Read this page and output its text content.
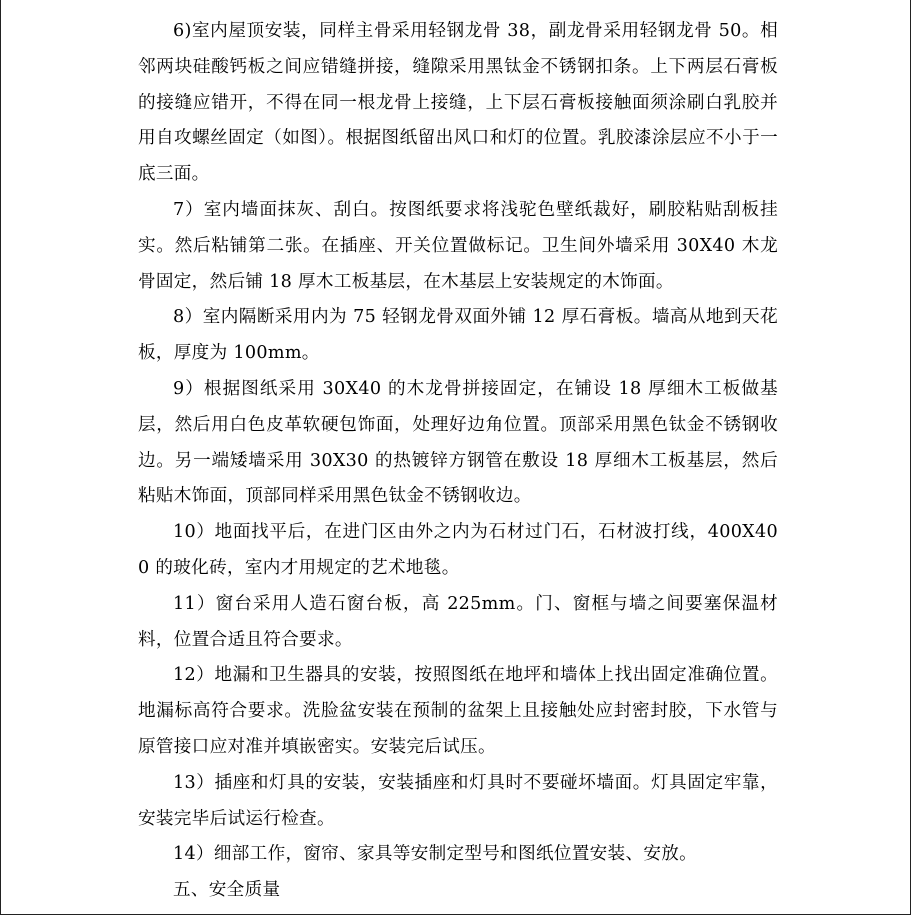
6)室内屋顶安装，同样主骨采用轻钢龙骨 38，副龙骨采用轻钢龙骨 50。相邻两块硅酸钙板之间应错缝拼接，缝隙采用黑钛金不锈钢扣条。上下两层石膏板的接缝应错开，不得在同一根龙骨上接缝，上下层石膏板接触面须涂刷白乳胶并用自攻螺丝固定（如图）。根据图纸留出风口和灯的位置。乳胶漆涂层应不小于一底三面。

7）室内墙面抹灰、刮白。按图纸要求将浅驼色壁纸裁好，刷胶粘贴刮板挂实。然后粘铺第二张。在插座、开关位置做标记。卫生间外墙采用 30X40 木龙骨固定，然后铺 18 厚木工板基层，在木基层上安装规定的木饰面。

8）室内隔断采用内为 75 轻钢龙骨双面外铺 12 厚石膏板。墙高从地到天花板，厚度为 100mm。

9）根据图纸采用 30X40 的木龙骨拼接固定，在铺设 18 厚细木工板做基层，然后用白色皮革软硬包饰面，处理好边角位置。顶部采用黑色钛金不锈钢收边。另一端矮墙采用 30X30 的热镀锌方钢管在敷设 18 厚细木工板基层，然后粘贴木饰面，顶部同样采用黑色钛金不锈钢收边。

10）地面找平后，在进门区由外之内为石材过门石，石材波打线，400X400 的玻化砖，室内才用规定的艺术地毯。

11）窗台采用人造石窗台板，高 225mm。门、窗框与墙之间要塞保温材料，位置合适且符合要求。

12）地漏和卫生器具的安装，按照图纸在地坪和墙体上找出固定准确位置。地漏标高符合要求。洗脸盆安装在预制的盆架上且接触处应封密封胶，下水管与原管接口应对准并填嵌密实。安装完后试压。

13）插座和灯具的安装，安装插座和灯具时不要碰坏墙面。灯具固定牢靠，安装完毕后试运行检查。

14）细部工作，窗帘、家具等安制定型号和图纸位置安装、安放。

五、安全质量
